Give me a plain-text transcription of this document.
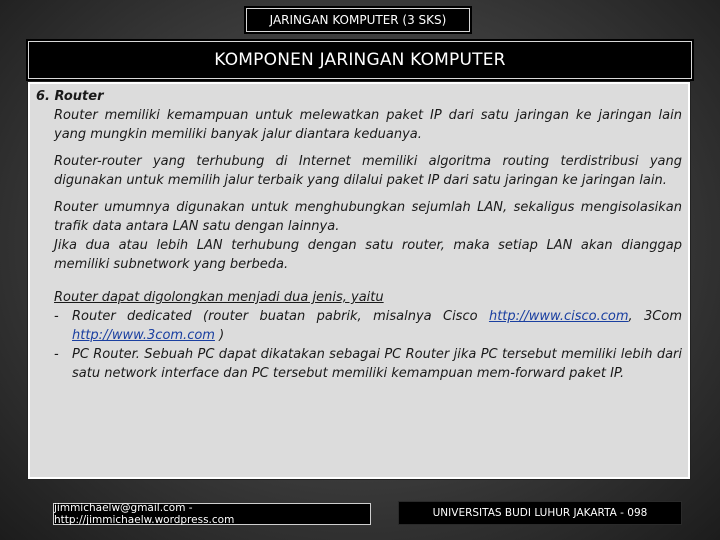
JARINGAN KOMPUTER (3 SKS)
KOMPONEN JARINGAN KOMPUTER

6. Router

Router memiliki kemampuan untuk melewatkan paket IP dari satu jaringan ke jaringan lain yang mungkin memiliki banyak jalur diantara keduanya.

Router-router yang terhubung di Internet memiliki algoritma routing terdistribusi yang digunakan untuk memilih jalur terbaik yang dilalui paket IP dari satu jaringan ke jaringan lain.

Router umumnya digunakan untuk menghubungkan sejumlah LAN, sekaligus mengisolasikan trafik data antara LAN satu dengan lainnya.

Jika dua atau lebih LAN terhubung dengan satu router, maka setiap LAN akan dianggap memiliki subnetwork yang berbeda.

Router dapat digolongkan menjadi dua jenis, yaitu

-	Router dedicated (router buatan pabrik, misalnya Cisco http://www.cisco.com, 3Com http://www.3com.com )
-	PC Router. Sebuah PC dapat dikatakan sebagai PC Router jika PC tersebut memiliki lebih dari satu network interface dan PC tersebut memiliki kemampuan mem-forward paket IP.
jimmichaelw@gmail.com - http://jimmichaelw.wordpress.com
UNIVERSITAS BUDI LUHUR JAKARTA - 098
